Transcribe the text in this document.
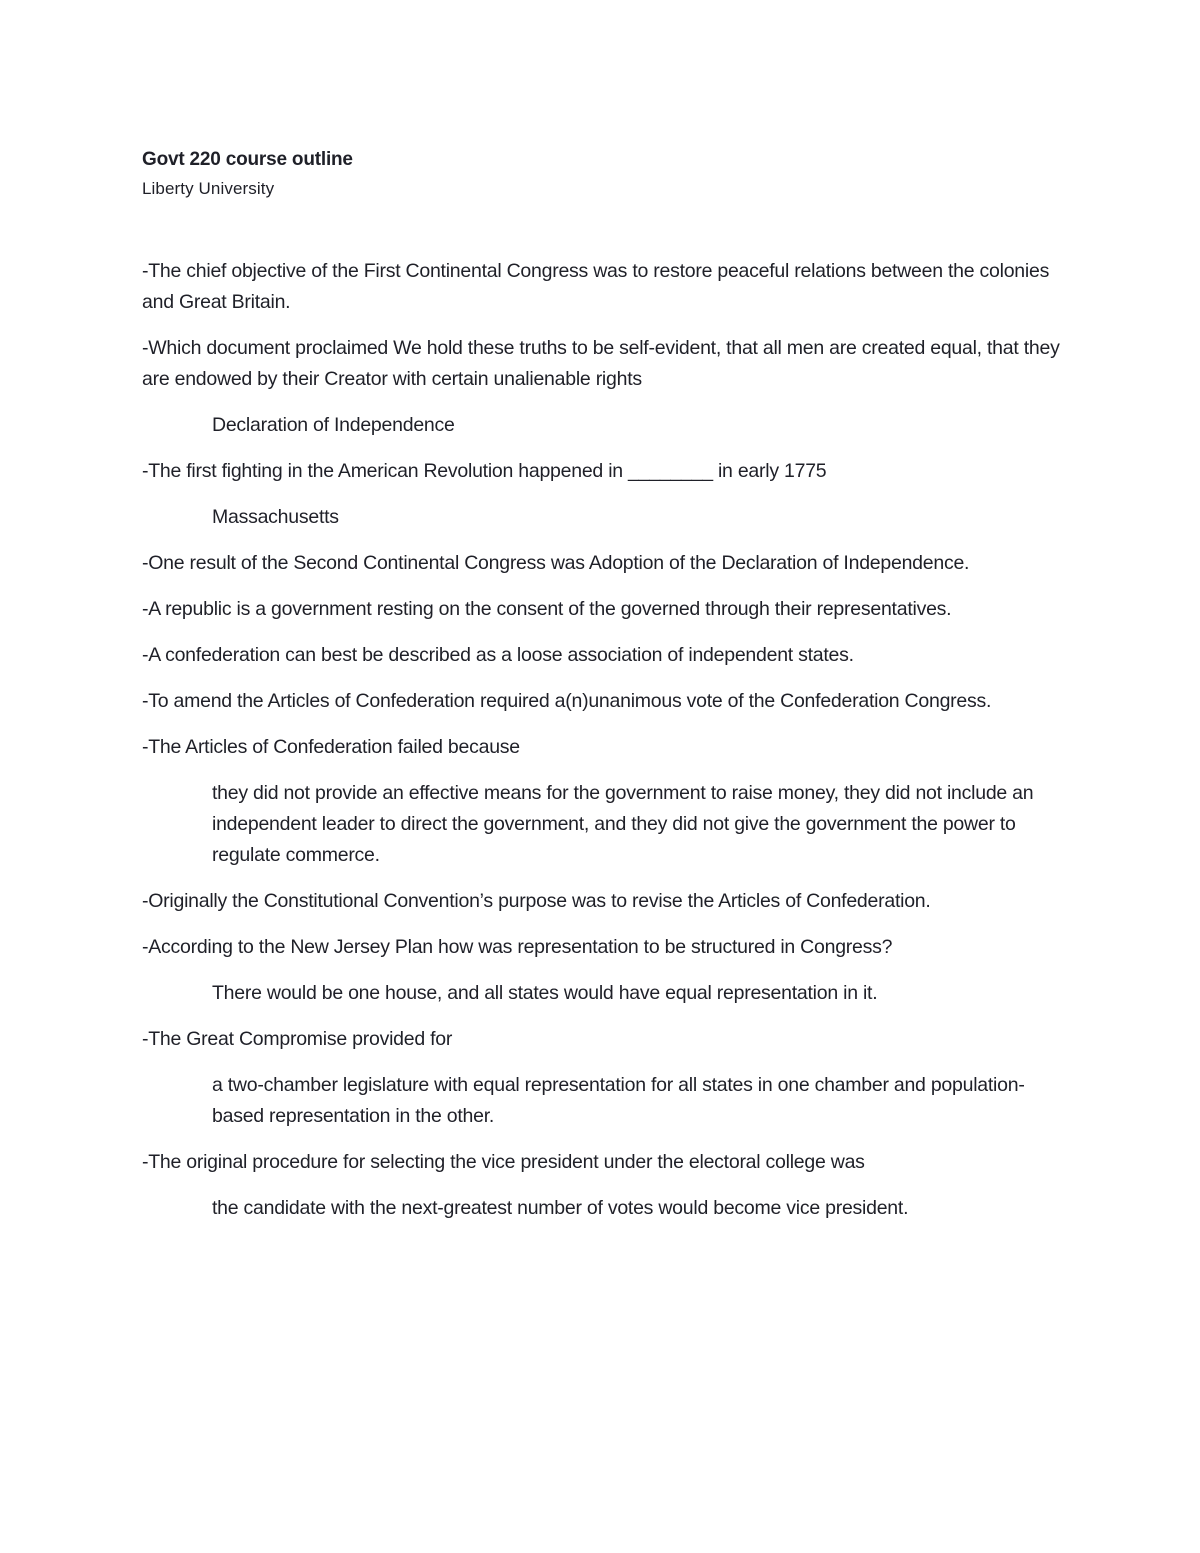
Govt 220 course outline
Liberty University

-The chief objective of the First Continental Congress was to restore peaceful relations between the colonies and Great Britain.

-Which document proclaimed We hold these truths to be self-evident, that all men are created equal, that they are endowed by their Creator with certain unalienable rights

Declaration of Independence

-The first fighting in the American Revolution happened in ________ in early 1775

Massachusetts

-One result of the Second Continental Congress was Adoption of the Declaration of Independence.

-A republic is a government resting on the consent of the governed through their representatives.

-A confederation can best be described as a loose association of independent states.

-To amend the Articles of Confederation required a(n)unanimous vote of the Confederation Congress.

-The Articles of Confederation failed because

they did not provide an effective means for the government to raise money, they did not include an independent leader to direct the government, and they did not give the government the power to regulate commerce.

-Originally the Constitutional Convention’s purpose was to revise the Articles of Confederation.

-According to the New Jersey Plan how was representation to be structured in Congress?

There would be one house, and all states would have equal representation in it.

-The Great Compromise provided for

a two-chamber legislature with equal representation for all states in one chamber and population-based representation in the other.

-The original procedure for selecting the vice president under the electoral college was

the candidate with the next-greatest number of votes would become vice president.
